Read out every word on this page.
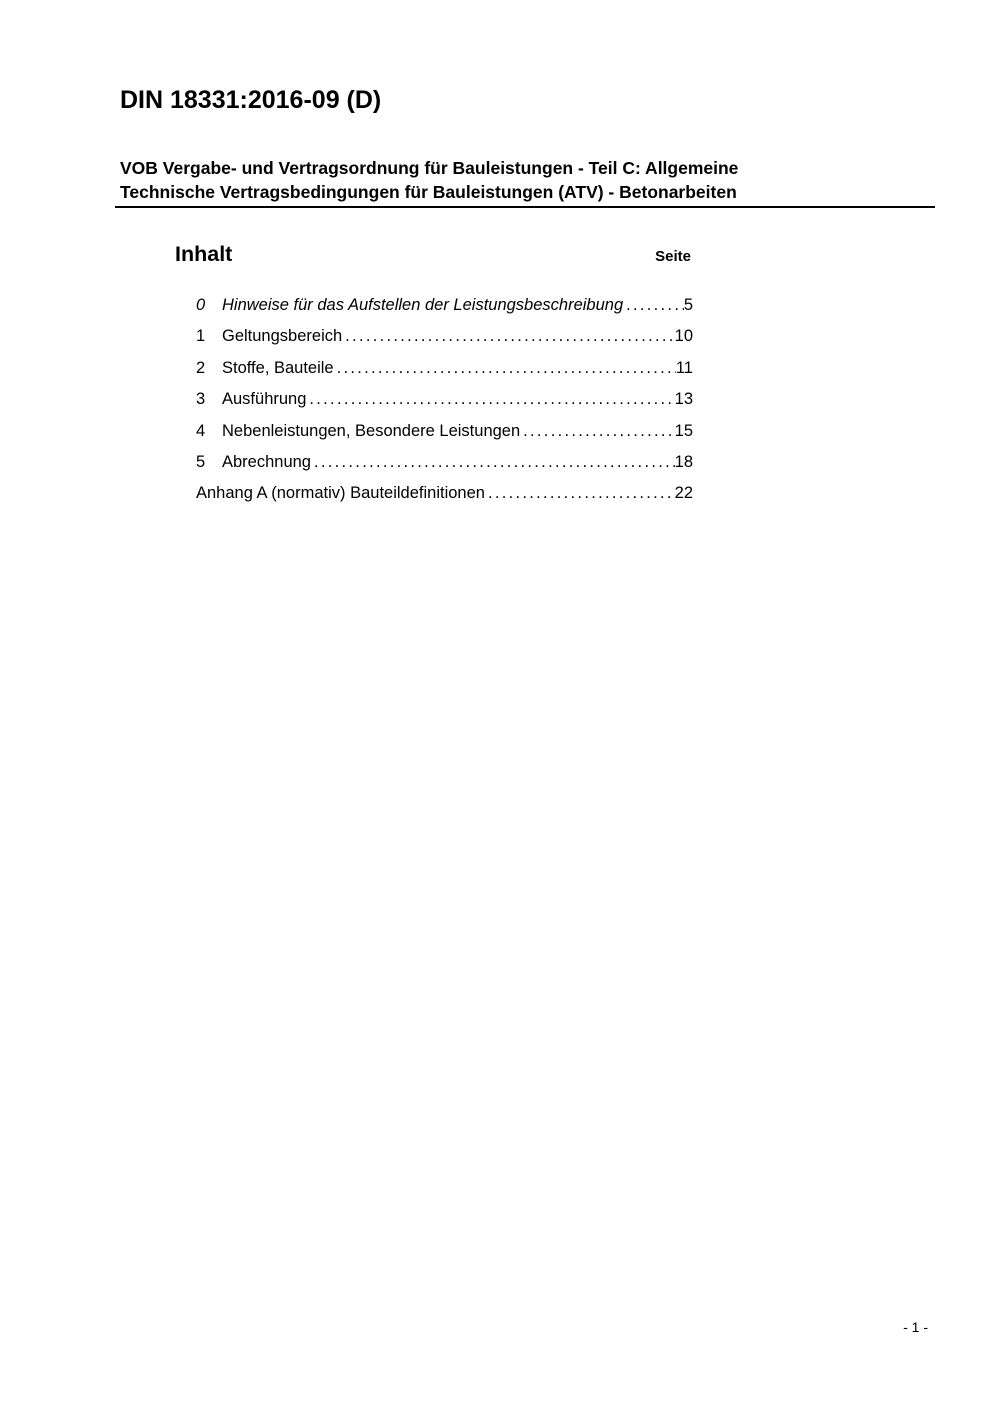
DIN 18331:2016-09 (D)
VOB Vergabe- und Vertragsordnung für Bauleistungen - Teil C: Allgemeine
Technische Vertragsbedingungen für Bauleistungen (ATV) - Betonarbeiten
Inhalt	Seite
0	Hinweise für das Aufstellen der Leistungsbeschreibung .....	5
1	Geltungsbereich .....	10
2	Stoffe, Bauteile .....	11
3	Ausführung .....	13
4	Nebenleistungen, Besondere Leistungen .....	15
5	Abrechnung .....	18
Anhang A (normativ) Bauteildefinitionen .....	22
- 1 -
